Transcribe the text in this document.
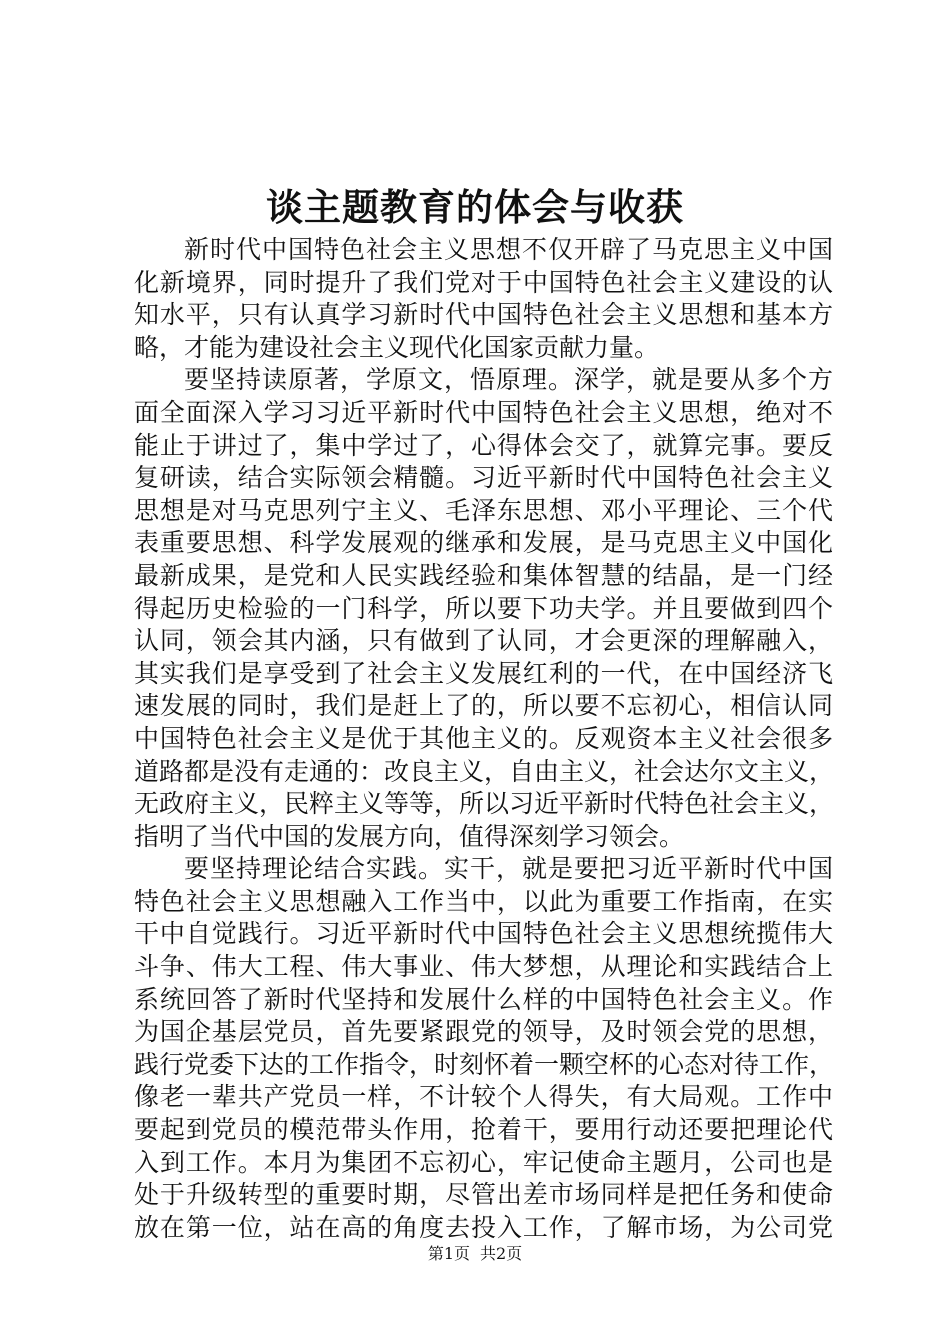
谈主题教育的体会与收获
新时代中国特色社会主义思想不仅开辟了马克思主义中国
化新境界，同时提升了我们党对于中国特色社会主义建设的认
知水平，只有认真学习新时代中国特色社会主义思想和基本方
略，才能为建设社会主义现代化国家贡献力量。
要坚持读原著，学原文，悟原理。深学，就是要从多个方
面全面深入学习习近平新时代中国特色社会主义思想，绝对不
能止于讲过了，集中学过了，心得体会交了，就算完事。要反
复研读，结合实际领会精髓。习近平新时代中国特色社会主义
思想是对马克思列宁主义、毛泽东思想、邓小平理论、三个代
表重要思想、科学发展观的继承和发展，是马克思主义中国化
最新成果，是党和人民实践经验和集体智慧的结晶，是一门经
得起历史检验的一门科学，所以要下功夫学。并且要做到四个
认同，领会其内涵，只有做到了认同，才会更深的理解融入，
其实我们是享受到了社会主义发展红利的一代，在中国经济飞
速发展的同时，我们是赶上了的，所以要不忘初心，相信认同
中国特色社会主义是优于其他主义的。反观资本主义社会很多
道路都是没有走通的：改良主义，自由主义，社会达尔文主义，
无政府主义，民粹主义等等，所以习近平新时代特色社会主义，
指明了当代中国的发展方向，值得深刻学习领会。
要坚持理论结合实践。实干，就是要把习近平新时代中国
特色社会主义思想融入工作当中，以此为重要工作指南，在实
干中自觉践行。习近平新时代中国特色社会主义思想统揽伟大
斗争、伟大工程、伟大事业、伟大梦想，从理论和实践结合上
系统回答了新时代坚持和发展什么样的中国特色社会主义。作
为国企基层党员，首先要紧跟党的领导，及时领会党的思想，
践行党委下达的工作指令，时刻怀着一颗空杯的心态对待工作，
像老一辈共产党员一样，不计较个人得失，有大局观。工作中
要起到党员的模范带头作用，抢着干，要用行动还要把理论代
入到工作。本月为集团不忘初心，牢记使命主题月，公司也是
处于升级转型的重要时期，尽管出差市场同样是把任务和使命
放在第一位，站在高的角度去投入工作，了解市场，为公司党
第1页 共2页
